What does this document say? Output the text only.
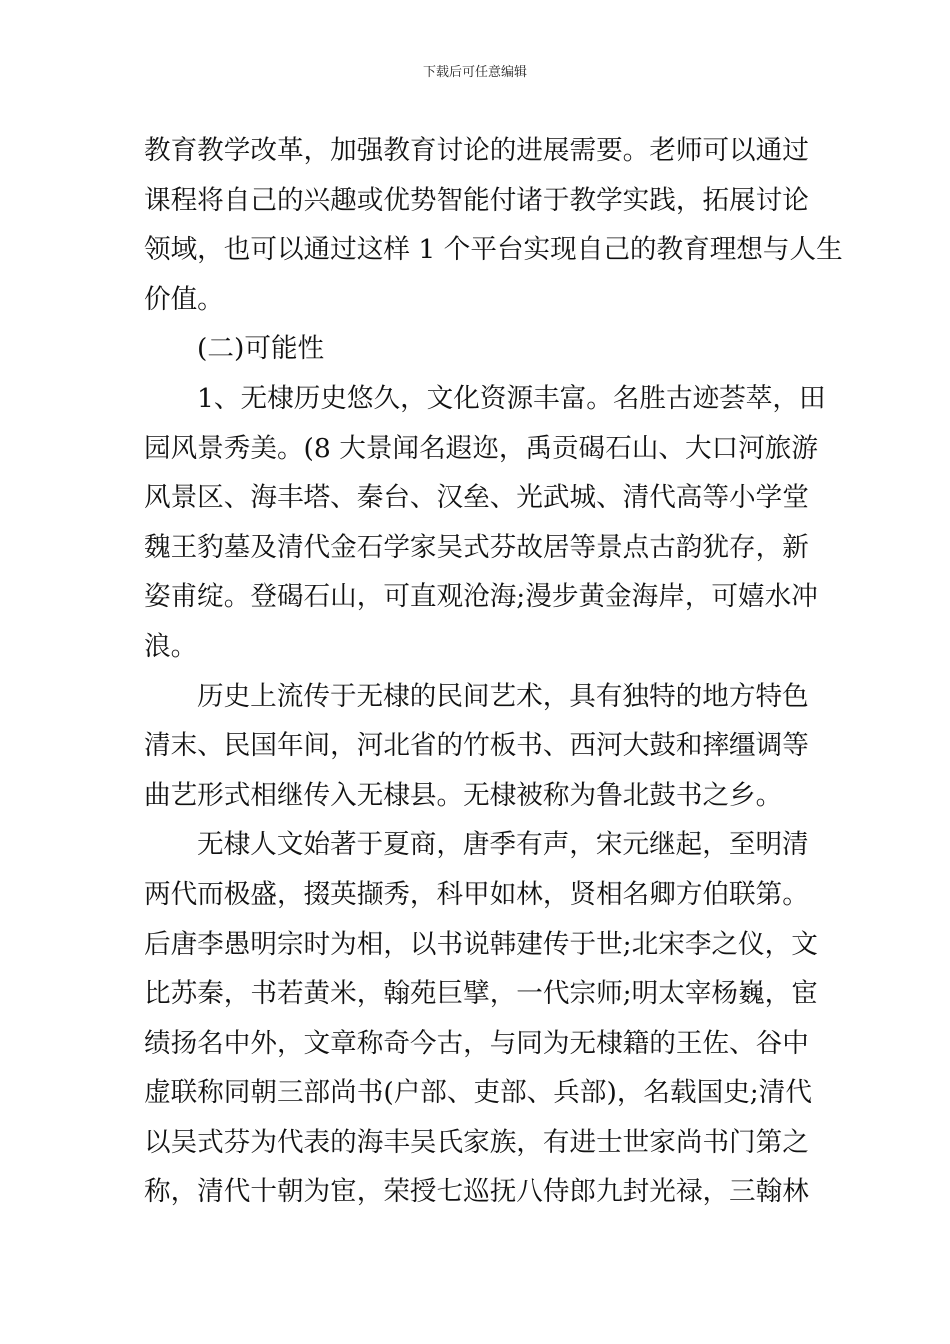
下载后可任意编辑
教育教学改革，加强教育讨论的进展需要。老师可以通过
课程将自己的兴趣或优势智能付诸于教学实践，拓展讨论
领域，也可以通过这样 1 个平台实现自己的教育理想与人生
价值。
(二)可能性
1、无棣历史悠久，文化资源丰富。名胜古迹荟萃，田
园风景秀美。(8 大景闻名遐迩，禹贡碣石山、大口河旅游
风景区、海丰塔、秦台、汉垒、光武城、清代高等小学堂
魏王豹墓及清代金石学家吴式芬故居等景点古韵犹存，新
姿甫绽。登碣石山，可直观沧海;漫步黄金海岸，可嬉水冲
浪。
历史上流传于无棣的民间艺术，具有独特的地方特色
清末、民国年间，河北省的竹板书、西河大鼓和摔缰调等
曲艺形式相继传入无棣县。无棣被称为鲁北鼓书之乡。
无棣人文始著于夏商，唐季有声，宋元继起，至明清
两代而极盛，掇英撷秀，科甲如林，贤相名卿方伯联第。
后唐李愚明宗时为相，以书说韩建传于世;北宋李之仪，文
比苏秦，书若黄米，翰苑巨擘，一代宗师;明太宰杨巍，宦
绩扬名中外，文章称奇今古，与同为无棣籍的王佐、谷中
虚联称同朝三部尚书(户部、吏部、兵部)，名载国史;清代
以吴式芬为代表的海丰吴氏家族，有进士世家尚书门第之
称，清代十朝为宦，荣授七巡抚八侍郎九封光禄，三翰林
